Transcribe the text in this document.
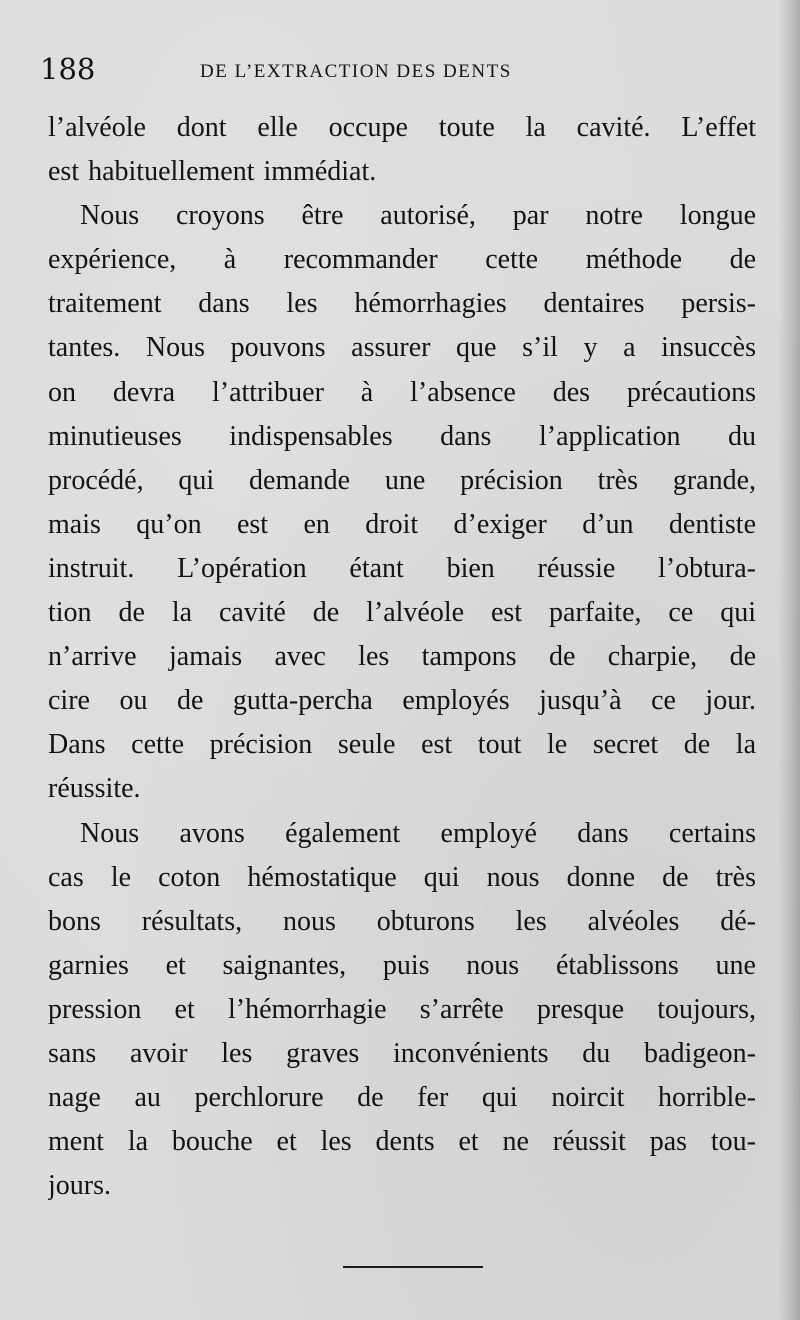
188	DE L’EXTRACTION DES DENTS
l’alvéole dont elle occupe toute la cavité. L’effet
est habituellement immédiat.
Nous croyons être autorisé, par notre longue
expérience, à recommander cette méthode de
traitement dans les hémorrhagies dentaires persis-
tantes. Nous pouvons assurer que s’il y a insuccès
on devra l’attribuer à l’absence des précautions
minutieuses indispensables dans l’application du
procédé, qui demande une précision très grande,
mais qu’on est en droit d’exiger d’un dentiste
instruit. L’opération étant bien réussie l’obtura-
tion de la cavité de l’alvéole est parfaite, ce qui
n’arrive jamais avec les tampons de charpie, de
cire ou de gutta-percha employés jusqu’à ce jour.
Dans cette précision seule est tout le secret de la
réussite.
Nous avons également employé dans certains
cas le coton hémostatique qui nous donne de très
bons résultats, nous obturons les alvéoles dé-
garnies et saignantes, puis nous établissons une
pression et l’hémorrhagie s’arrête presque toujours,
sans avoir les graves inconvénients du badigeon-
nage au perchlorure de fer qui noircit horrible-
ment la bouche et les dents et ne réussit pas tou-
jours.
